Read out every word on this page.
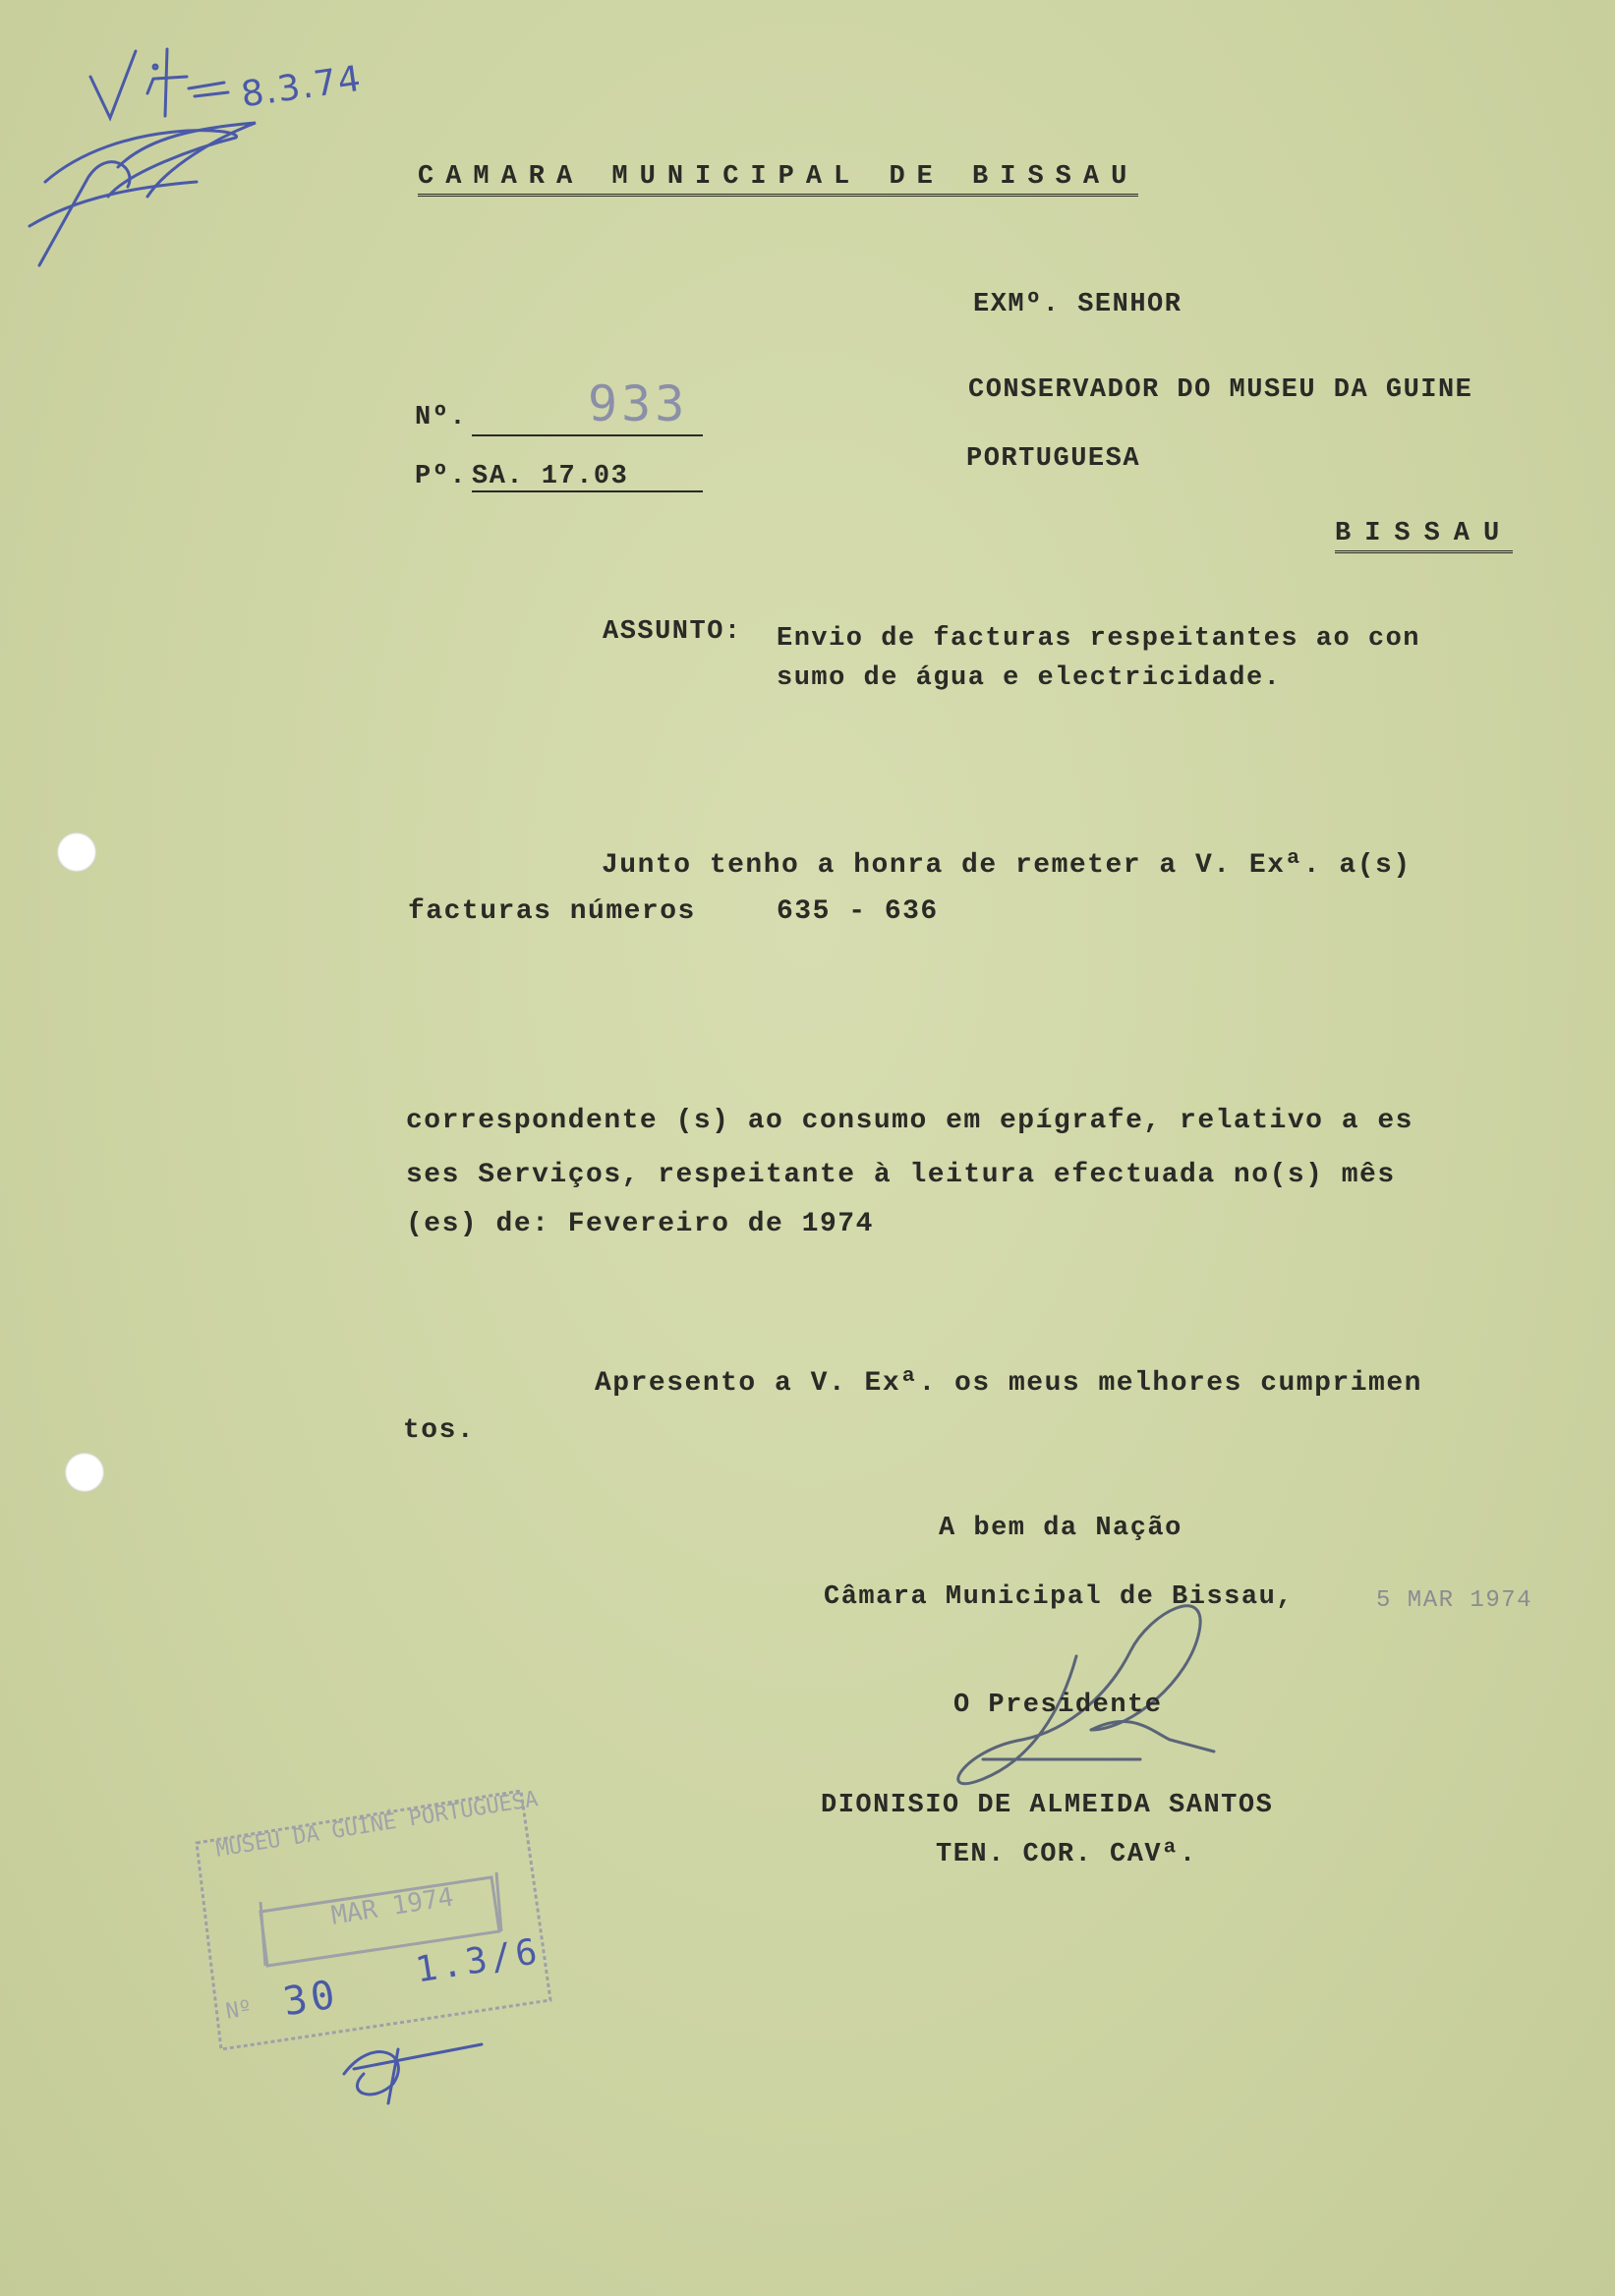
8.3.74
CAMARA MUNICIPAL DE BISSAU
EXMº. SENHOR
CONSERVADOR DO MUSEU DA GUINE
PORTUGUESA
BISSAU
Nº. 933
Pº. SA. 17.03
ASSUNTO: Envio de facturas respeitantes ao con
sumo de água e electricidade.
Junto tenho a honra de remeter a V. Exª. a(s)
facturas números	635 - 636
correspondente (s) ao consumo em epígrafe, relativo a es
ses Serviços, respeitante à leitura efectuada no(s) mês
(es) de: Fevereiro de 1974
Apresento a V. Exª. os meus melhores cumprimen
tos.
A bem da Nação
Câmara Municipal de Bissau,	5 MAR 1974
O Presidente
DIONISIO DE ALMEIDA SANTOS
TEN. COR. CAVª.
MUSEU DA GUINÉ PORTUGUESA
MAR 1974
Nº 30
1.3/6
